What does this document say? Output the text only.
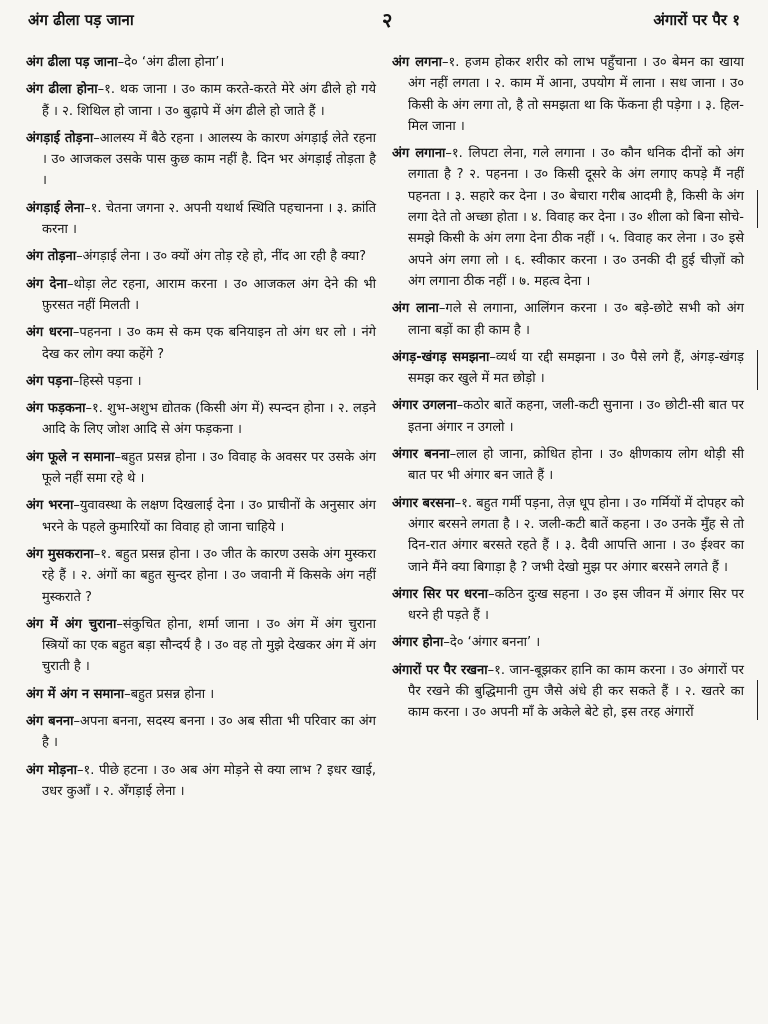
अंग ढीला पड़ जाना	२	अंगारों पर पैर १

अंग ढीला पड़ जाना–दे० ‘अंग ढीला होना’।

अंग ढीला होना–१. थक जाना । उ० काम करते-करते मेरे अंग ढीले हो गये हैं । २. शिथिल हो जाना । उ० बुढ़ापे में अंग ढीले हो जाते हैं ।

अंगड़ाई तोड़ना–आलस्य में बैठे रहना । आलस्य के कारण अंगड़ाई लेते रहना । उ० आजकल उसके पास कुछ काम नहीं है. दिन भर अंगड़ाई तोड़ता है ।

अंगड़ाई लेना–१. चेतना जगना २. अपनी यथार्थ स्थिति पहचानना । ३. क्रांति करना ।

अंग तोड़ना–अंगड़ाई लेना । उ० क्यों अंग तोड़ रहे हो, नींद आ रही है क्या?

अंग देना–थोड़ा लेट रहना, आराम करना । उ० आजकल अंग देने की भी फ़ुरसत नहीं मिलती ।

अंग धरना–पहनना । उ० कम से कम एक बनियाइन तो अंग धर लो । नंगे देख कर लोग क्या कहेंगे ?

अंग पड़ना–हिस्से पड़ना ।

अंग फड़कना–१. शुभ-अशुभ द्योतक (किसी अंग में) स्पन्दन होना । २. लड़ने आदि के लिए जोश आदि से अंग फड़कना ।

अंग फूले न समाना–बहुत प्रसन्न होना । उ० विवाह के अवसर पर उसके अंग फूले नहीं समा रहे थे ।

अंग भरना–युवावस्था के लक्षण दिखलाई देना । उ० प्राचीनों के अनुसार अंग भरने के पहले कुमारियों का विवाह हो जाना चाहिये ।

अंग मुसकराना–१. बहुत प्रसन्न होना । उ० जीत के कारण उसके अंग मुस्करा रहे हैं । २. अंगों का बहुत सुन्दर होना । उ० जवानी में किसके अंग नहीं मुस्कराते ?

अंग में अंग चुराना–संकुचित होना, शर्मा जाना । उ० अंग में अंग चुराना स्त्रियों का एक बहुत बड़ा सौन्दर्य है । उ० वह तो मुझे देखकर अंग में अंग चुराती है ।

अंग में अंग न समाना–बहुत प्रसन्न होना ।

अंग बनना–अपना बनना, सदस्य बनना । उ० अब सीता भी परिवार का अंग है ।

अंग मोड़ना–१. पीछे हटना । उ० अब अंग मोड़ने से क्या लाभ ? इधर खाई, उधर कुआँ । २. अँगड़ाई लेना ।

अंग लगना–१. हजम होकर शरीर को लाभ पहुँचाना । उ० बेमन का खाया अंग नहीं लगता । २. काम में आना, उपयोग में लाना । सध जाना । उ० किसी के अंग लगा तो, है तो समझता था कि फेंकना ही पड़ेगा । ३. हिल-मिल जाना ।

अंग लगाना–१. लिपटा लेना, गले लगाना । उ० कौन धनिक दीनों को अंग लगाता है ? २. पहनना । उ० किसी दूसरे के अंग लगाए कपड़े मैं नहीं पहनता । ३. सहारे कर देना । उ० बेचारा गरीब आदमी है, किसी के अंग लगा देते तो अच्छा होता । ४. विवाह कर देना । उ० शीला को बिना सोचे-समझे किसी के अंग लगा देना ठीक नहीं । ५. विवाह कर लेना । उ० इसे अपने अंग लगा लो । ६. स्वीकार करना । उ० उनकी दी हुई चीज़ों को अंग लगाना ठीक नहीं । ७. महत्व देना ।

अंग लाना–गले से लगाना, आलिंगन करना । उ० बड़े-छोटे सभी को अंग लाना बड़ों का ही काम है ।

अंगड़-खंगड़ समझना–व्यर्थ या रद्दी समझना । उ० पैसे लगे हैं, अंगड़-खंगड़ समझ कर खुले में मत छोड़ो ।

अंगार उगलना–कठोर बातें कहना, जली-कटी सुनाना । उ० छोटी-सी बात पर इतना अंगार न उगलो ।

अंगार बनना–लाल हो जाना, क्रोधित होना । उ० क्षीणकाय लोग थोड़ी सी बात पर भी अंगार बन जाते हैं ।

अंगार बरसना–१. बहुत गर्मी पड़ना, तेज़ धूप होना । उ० गर्मियों में दोपहर को अंगार बरसने लगता है । २. जली-कटी बातें कहना । उ० उनके मुँह से तो दिन-रात अंगार बरसते रहते हैं । ३. दैवी आपत्ति आना । उ० ईश्वर का जाने मैंने क्या बिगाड़ा है ? जभी देखो मुझ पर अंगार बरसने लगते हैं ।

अंगार सिर पर धरना–कठिन दुःख सहना । उ० इस जीवन में अंगार सिर पर धरने ही पड़ते हैं ।

अंगार होना–दे० ‘अंगार बनना’ ।

अंगारों पर पैर रखना–१. जान-बूझकर हानि का काम करना । उ० अंगारों पर पैर रखने की बुद्धिमानी तुम जैसे अंधे ही कर सकते हैं । २. खतरे का काम करना । उ० अपनी माँ के अकेले बेटे हो, इस तरह अंगारों
